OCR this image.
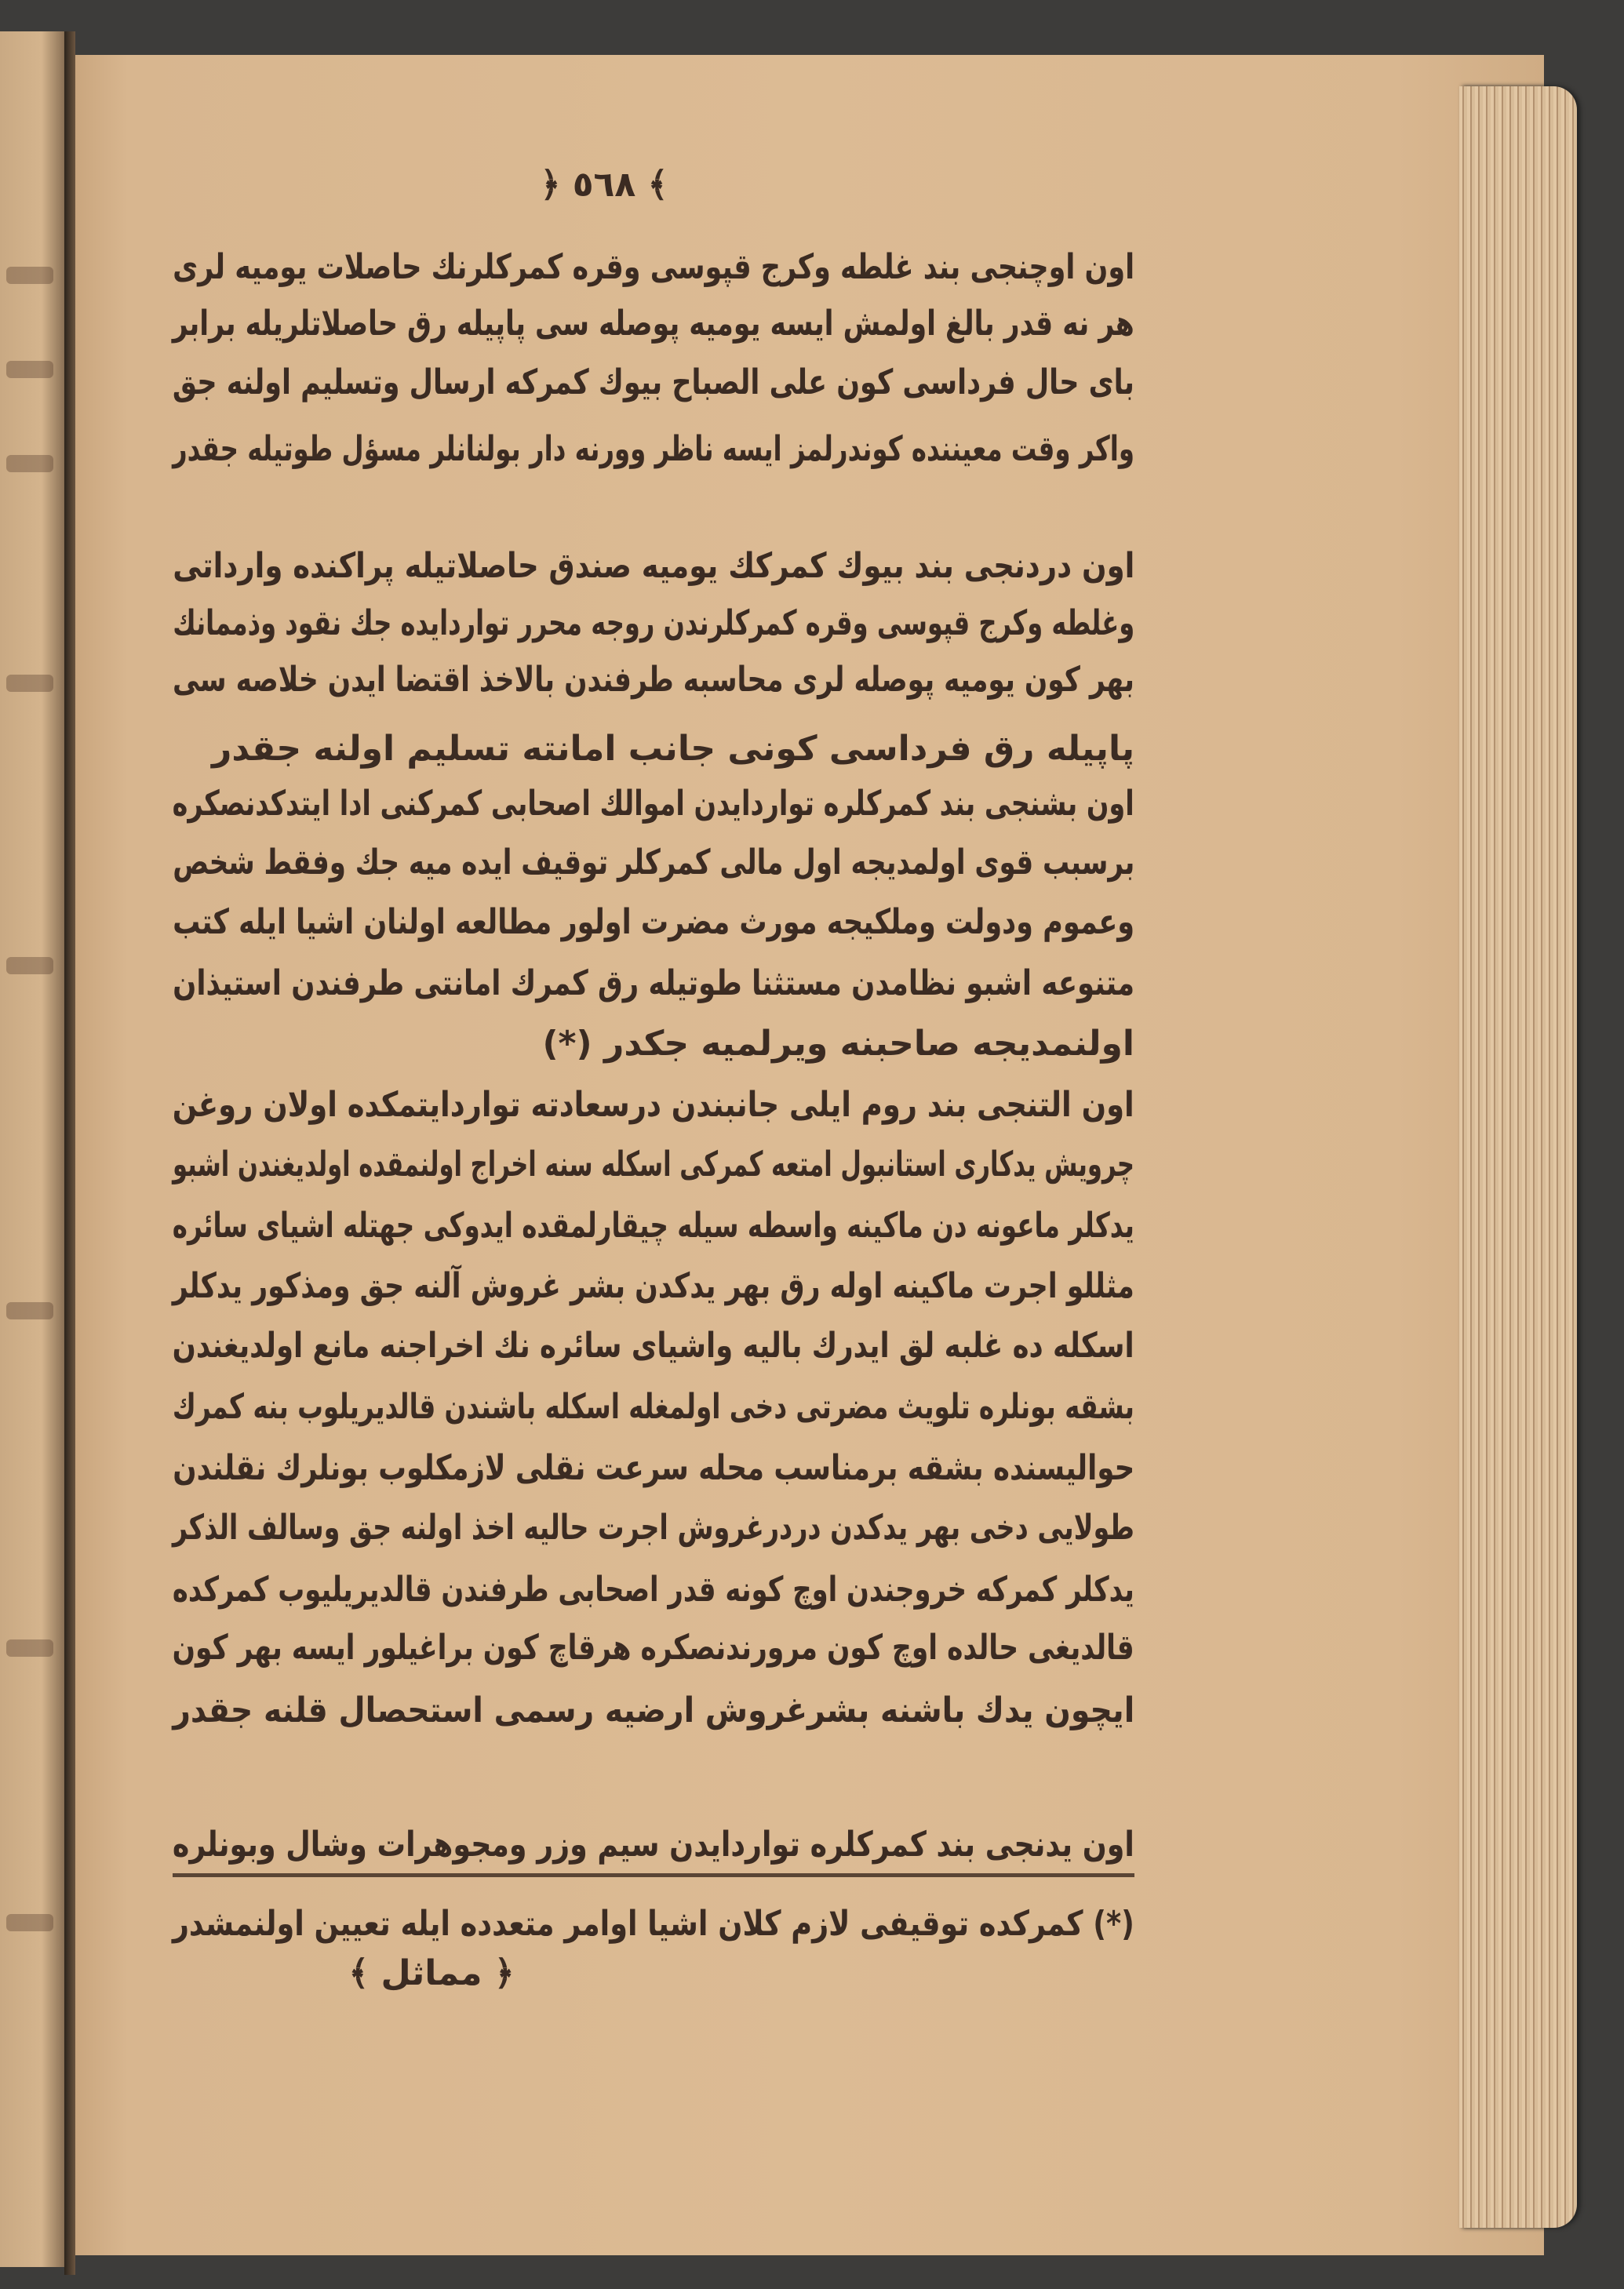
﴿ ٥٦٨ ﴾
اون اوچنجی بند غلطه وکرج قپوسی وقره کمرکلرنك حاصلات یومیه لری
هر نه قدر بالغ اولمش ایسه یومیه پوصله سی پاپیله رق حاصلاتلریله برابر
بای حال فرداسی کون علی الصباح بیوك کمرکه ارسال وتسلیم اولنه جق
واکر وقت معیننده کوندرلمز ایسه ناظر وورنه دار بولنانلر مسؤل طوتیله جقدر
اون دردنجی بند بیوك کمرکك یومیه صندق حاصلاتیله پراکنده وارداتی
وغلطه وکرج قپوسی وقره کمرکلرندن روجه محرر تواردایده جك نقود وذممانك
بهر کون یومیه پوصله لری محاسبه طرفندن بالاخذ اقتضا ایدن خلاصه سی
پاپیله رق فرداسی کونی جانب امانته تسلیم اولنه جقدر
اون بشنجی بند کمرکلره تواردایدن اموالك اصحابی کمرکنی ادا ایتدکدنصکره
برسبب قوی اولمدیجه اول مالی کمرکلر توقیف ایده میه جك وفقط شخص
وعموم ودولت وملکیجه مورث مضرت اولور مطالعه اولنان اشیا ایله کتب
متنوعه اشبو نظامدن مستثنا طوتیله رق کمرك امانتی طرفندن استیذان
اولنمدیجه صاحبنه ویرلمیه جکدر (*)
اون التنجی بند روم ایلی جانبندن درسعادته تواردایتمکده اولان روغن
چرویش یدکاری استانبول امتعه کمرکی اسکله سنه اخراج اولنمقده اولدیغندن اشبو
یدکلر ماعونه دن ماکینه واسطه سیله چیقارلمقده ایدوکی جهتله اشیای سائره
مثللو اجرت ماکینه اوله رق بهر یدکدن بشر غروش آلنه جق ومذکور یدکلر
اسکله ده غلبه لق ایدرك بالیه واشیای سائره نك اخراجنه مانع اولدیغندن
بشقه بونلره تلویث مضرتی دخی اولمغله اسکله باشندن قالدیریلوب بنه کمرك
حوالیسنده بشقه برمناسب محله سرعت نقلی لازمکلوب بونلرك نقلندن
طولایی دخی بهر یدکدن دردرغروش اجرت حالیه اخذ اولنه جق وسالف الذکر
یدکلر کمرکه خروجندن اوچ کونه قدر اصحابی طرفندن قالدیریلیوب کمرکده
قالدیغی حالده اوچ کون مرورندنصکره هرقاچ کون براغیلور ایسه بهر کون
ایچون یدك باشنه بشرغروش ارضیه رسمی استحصال قلنه جقدر
اون یدنجی بند کمرکلره تواردایدن سیم وزر ومجوهرات وشال وبونلره
(*) کمرکده توقیفی لازم کلان اشیا اوامر متعدده ایله تعیین اولنمشدر
﴿ مماثل ﴾
